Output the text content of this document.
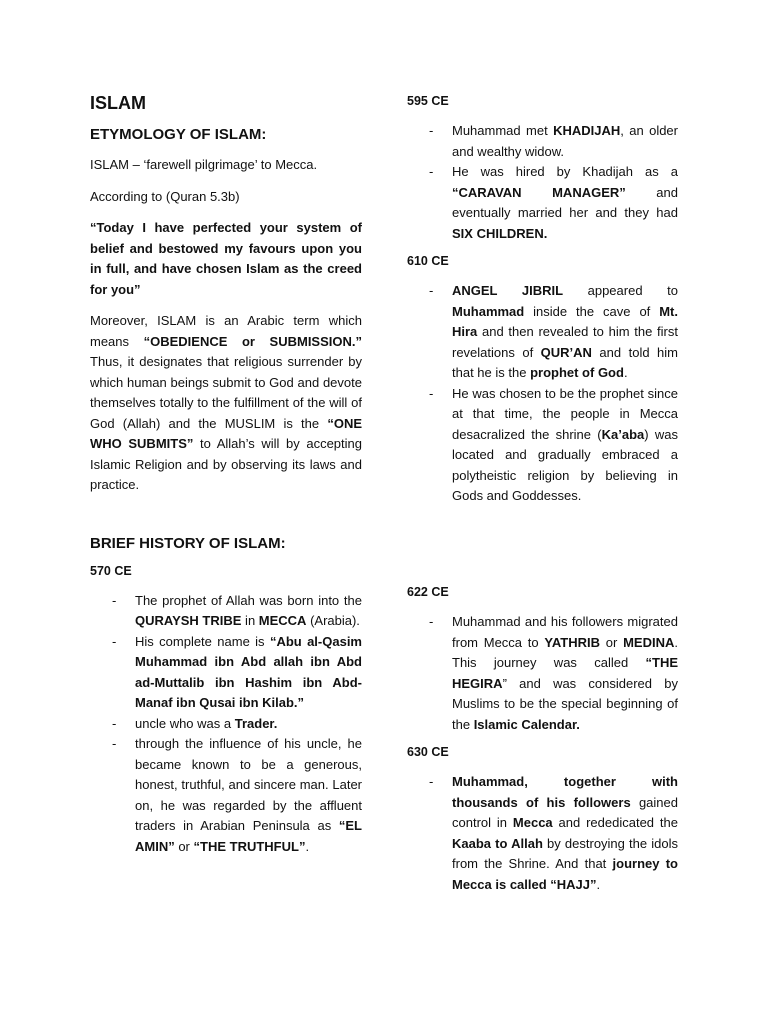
ISLAM
ETYMOLOGY OF ISLAM:

ISLAM – ‘farewell pilgrimage’ to Mecca.

According to (Quran 5.3b)

“Today I have perfected your system of belief and bestowed my favours upon you in full, and have chosen Islam as the creed for you”

Moreover, ISLAM is an Arabic term which means “OBEDIENCE or SUBMISSION.” Thus, it designates that religious surrender by which human beings submit to God and devote themselves totally to the fulfillment of the will of God (Allah) and the MUSLIM is the “ONE WHO SUBMITS” to Allah’s will by accepting Islamic Religion and by observing its laws and practice.

BRIEF HISTORY OF ISLAM:
570 CE
- The prophet of Allah was born into the QURAYSH TRIBE in MECCA (Arabia).
- His complete name is “Abu al-Qasim Muhammad ibn Abd allah ibn Abd ad-Muttalib ibn Hashim ibn Abd-Manaf ibn Qusai ibn Kilab.”
- uncle who was a Trader.
- through the influence of his uncle, he became known to be a generous, honest, truthful, and sincere man. Later on, he was regarded by the affluent traders in Arabian Peninsula as “EL AMIN” or “THE TRUTHFUL”.
595 CE
- Muhammad met KHADIJAH, an older and wealthy widow.
- He was hired by Khadijah as a “CARAVAN MANAGER” and eventually married her and they had SIX CHILDREN.
610 CE
- ANGEL JIBRIL appeared to Muhammad inside the cave of Mt. Hira and then revealed to him the first revelations of QUR’AN and told him that he is the prophet of God.
- He was chosen to be the prophet since at that time, the people in Mecca desacralized the shrine (Ka’aba) was located and gradually embraced a polytheistic religion by believing in Gods and Goddesses.
622 CE
- Muhammad and his followers migrated from Mecca to YATHRIB or MEDINA. This journey was called “THE HEGIRA” and was considered by Muslims to be the special beginning of the Islamic Calendar.
630 CE
- Muhammad, together with thousands of his followers gained control in Mecca and rededicated the Kaaba to Allah by destroying the idols from the Shrine. And that journey to Mecca is called “HAJJ”.
